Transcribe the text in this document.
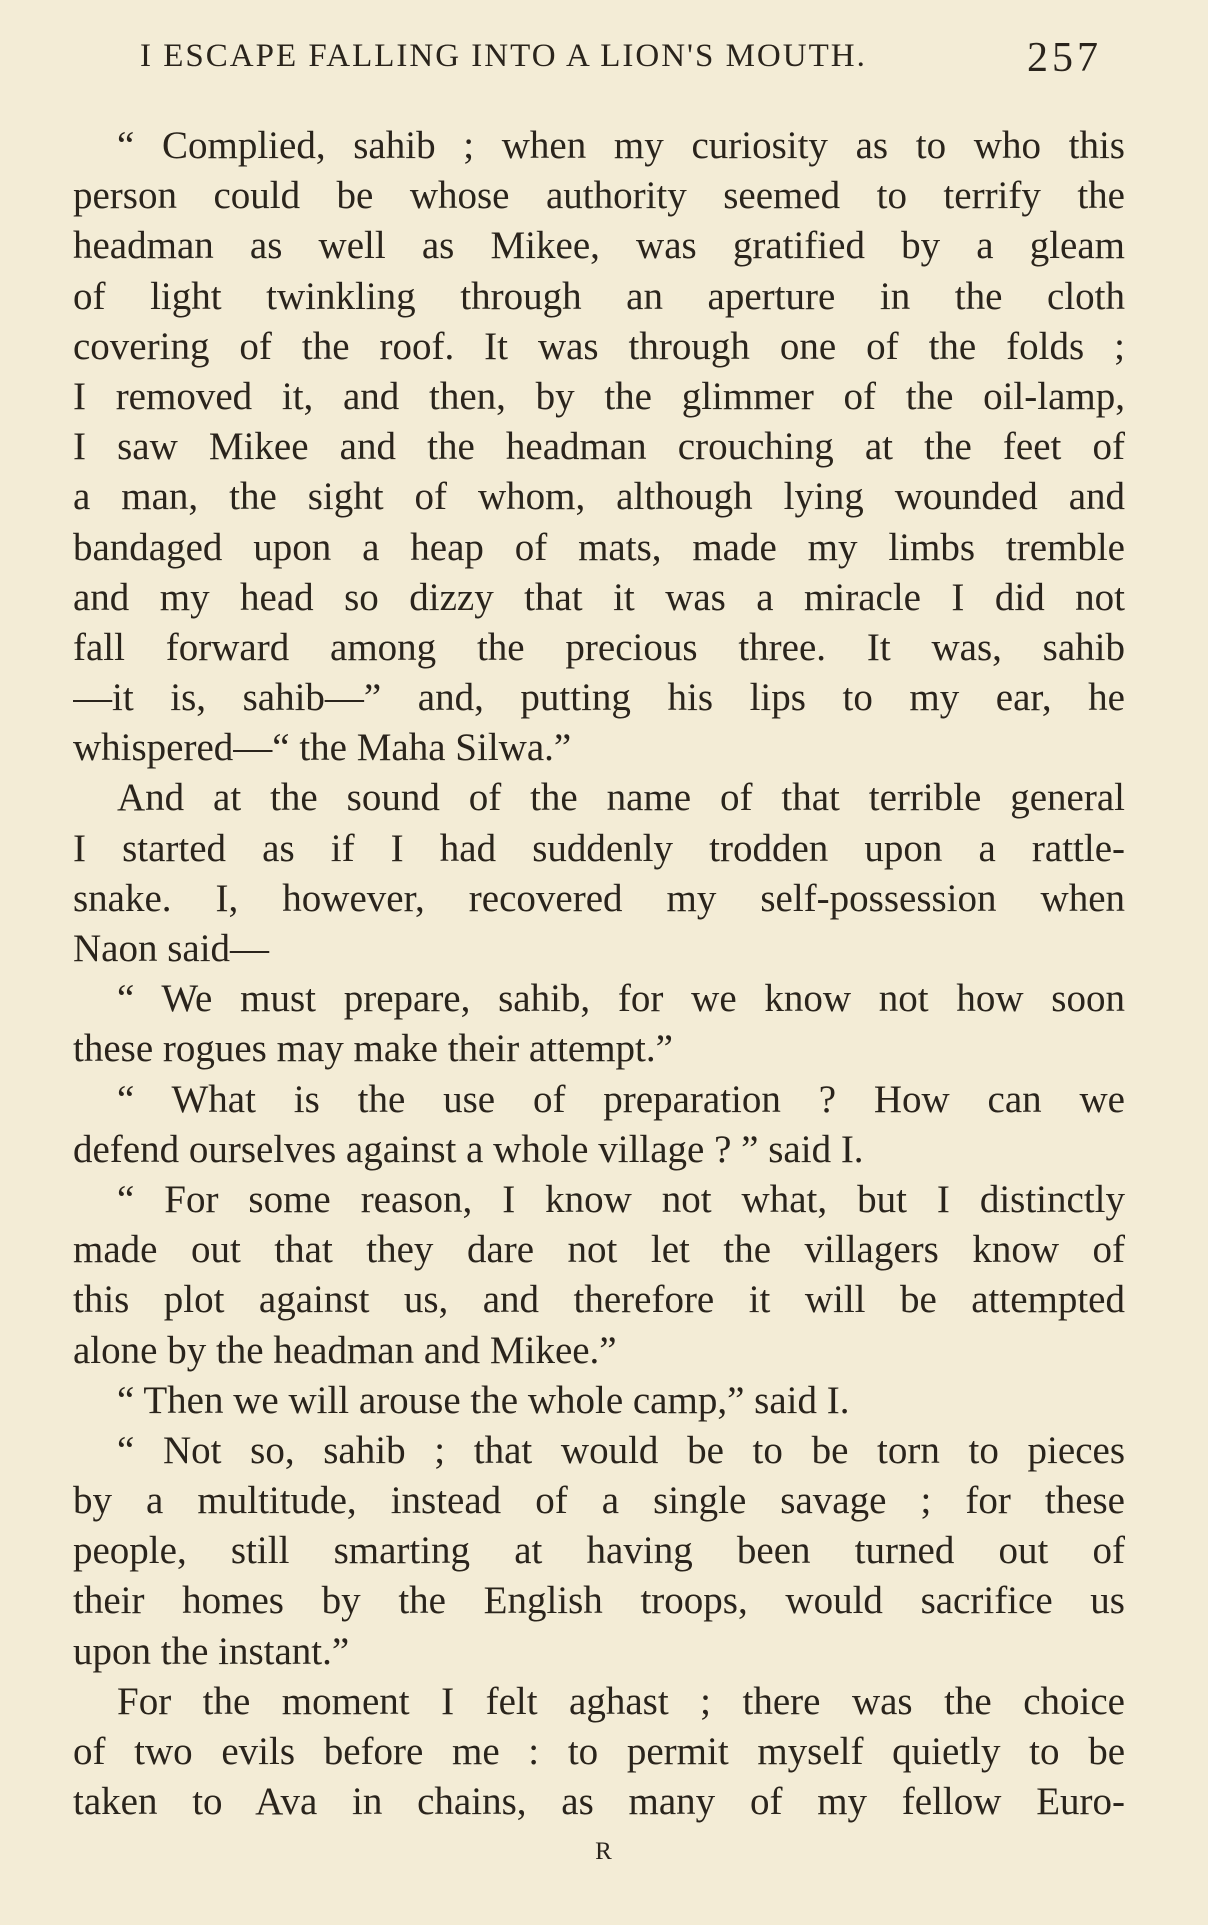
I ESCAPE FALLING INTO A LION'S MOUTH.	257
“ Complied, sahib ; when my curiosity as to who this
person could be whose authority seemed to terrify the
headman as well as Mikee, was gratified by a gleam
of light twinkling through an aperture in the cloth
covering of the roof. It was through one of the folds ;
I removed it, and then, by the glimmer of the oil-lamp,
I saw Mikee and the headman crouching at the feet of
a man, the sight of whom, although lying wounded and
bandaged upon a heap of mats, made my limbs tremble
and my head so dizzy that it was a miracle I did not
fall forward among the precious three. It was, sahib
—it is, sahib—” and, putting his lips to my ear, he
whispered—“ the Maha Silwa.”
And at the sound of the name of that terrible general
I started as if I had suddenly trodden upon a rattle-
snake. I, however, recovered my self-possession when
Naon said—
“ We must prepare, sahib, for we know not how soon
these rogues may make their attempt.”
“ What is the use of preparation ? How can we
defend ourselves against a whole village ? ” said I.
“ For some reason, I know not what, but I distinctly
made out that they dare not let the villagers know of
this plot against us, and therefore it will be attempted
alone by the headman and Mikee.”
“ Then we will arouse the whole camp,” said I.
“ Not so, sahib ; that would be to be torn to pieces
by a multitude, instead of a single savage ; for these
people, still smarting at having been turned out of
their homes by the English troops, would sacrifice us
upon the instant.”
For the moment I felt aghast ; there was the choice
of two evils before me : to permit myself quietly to be
taken to Ava in chains, as many of my fellow Euro-
R
